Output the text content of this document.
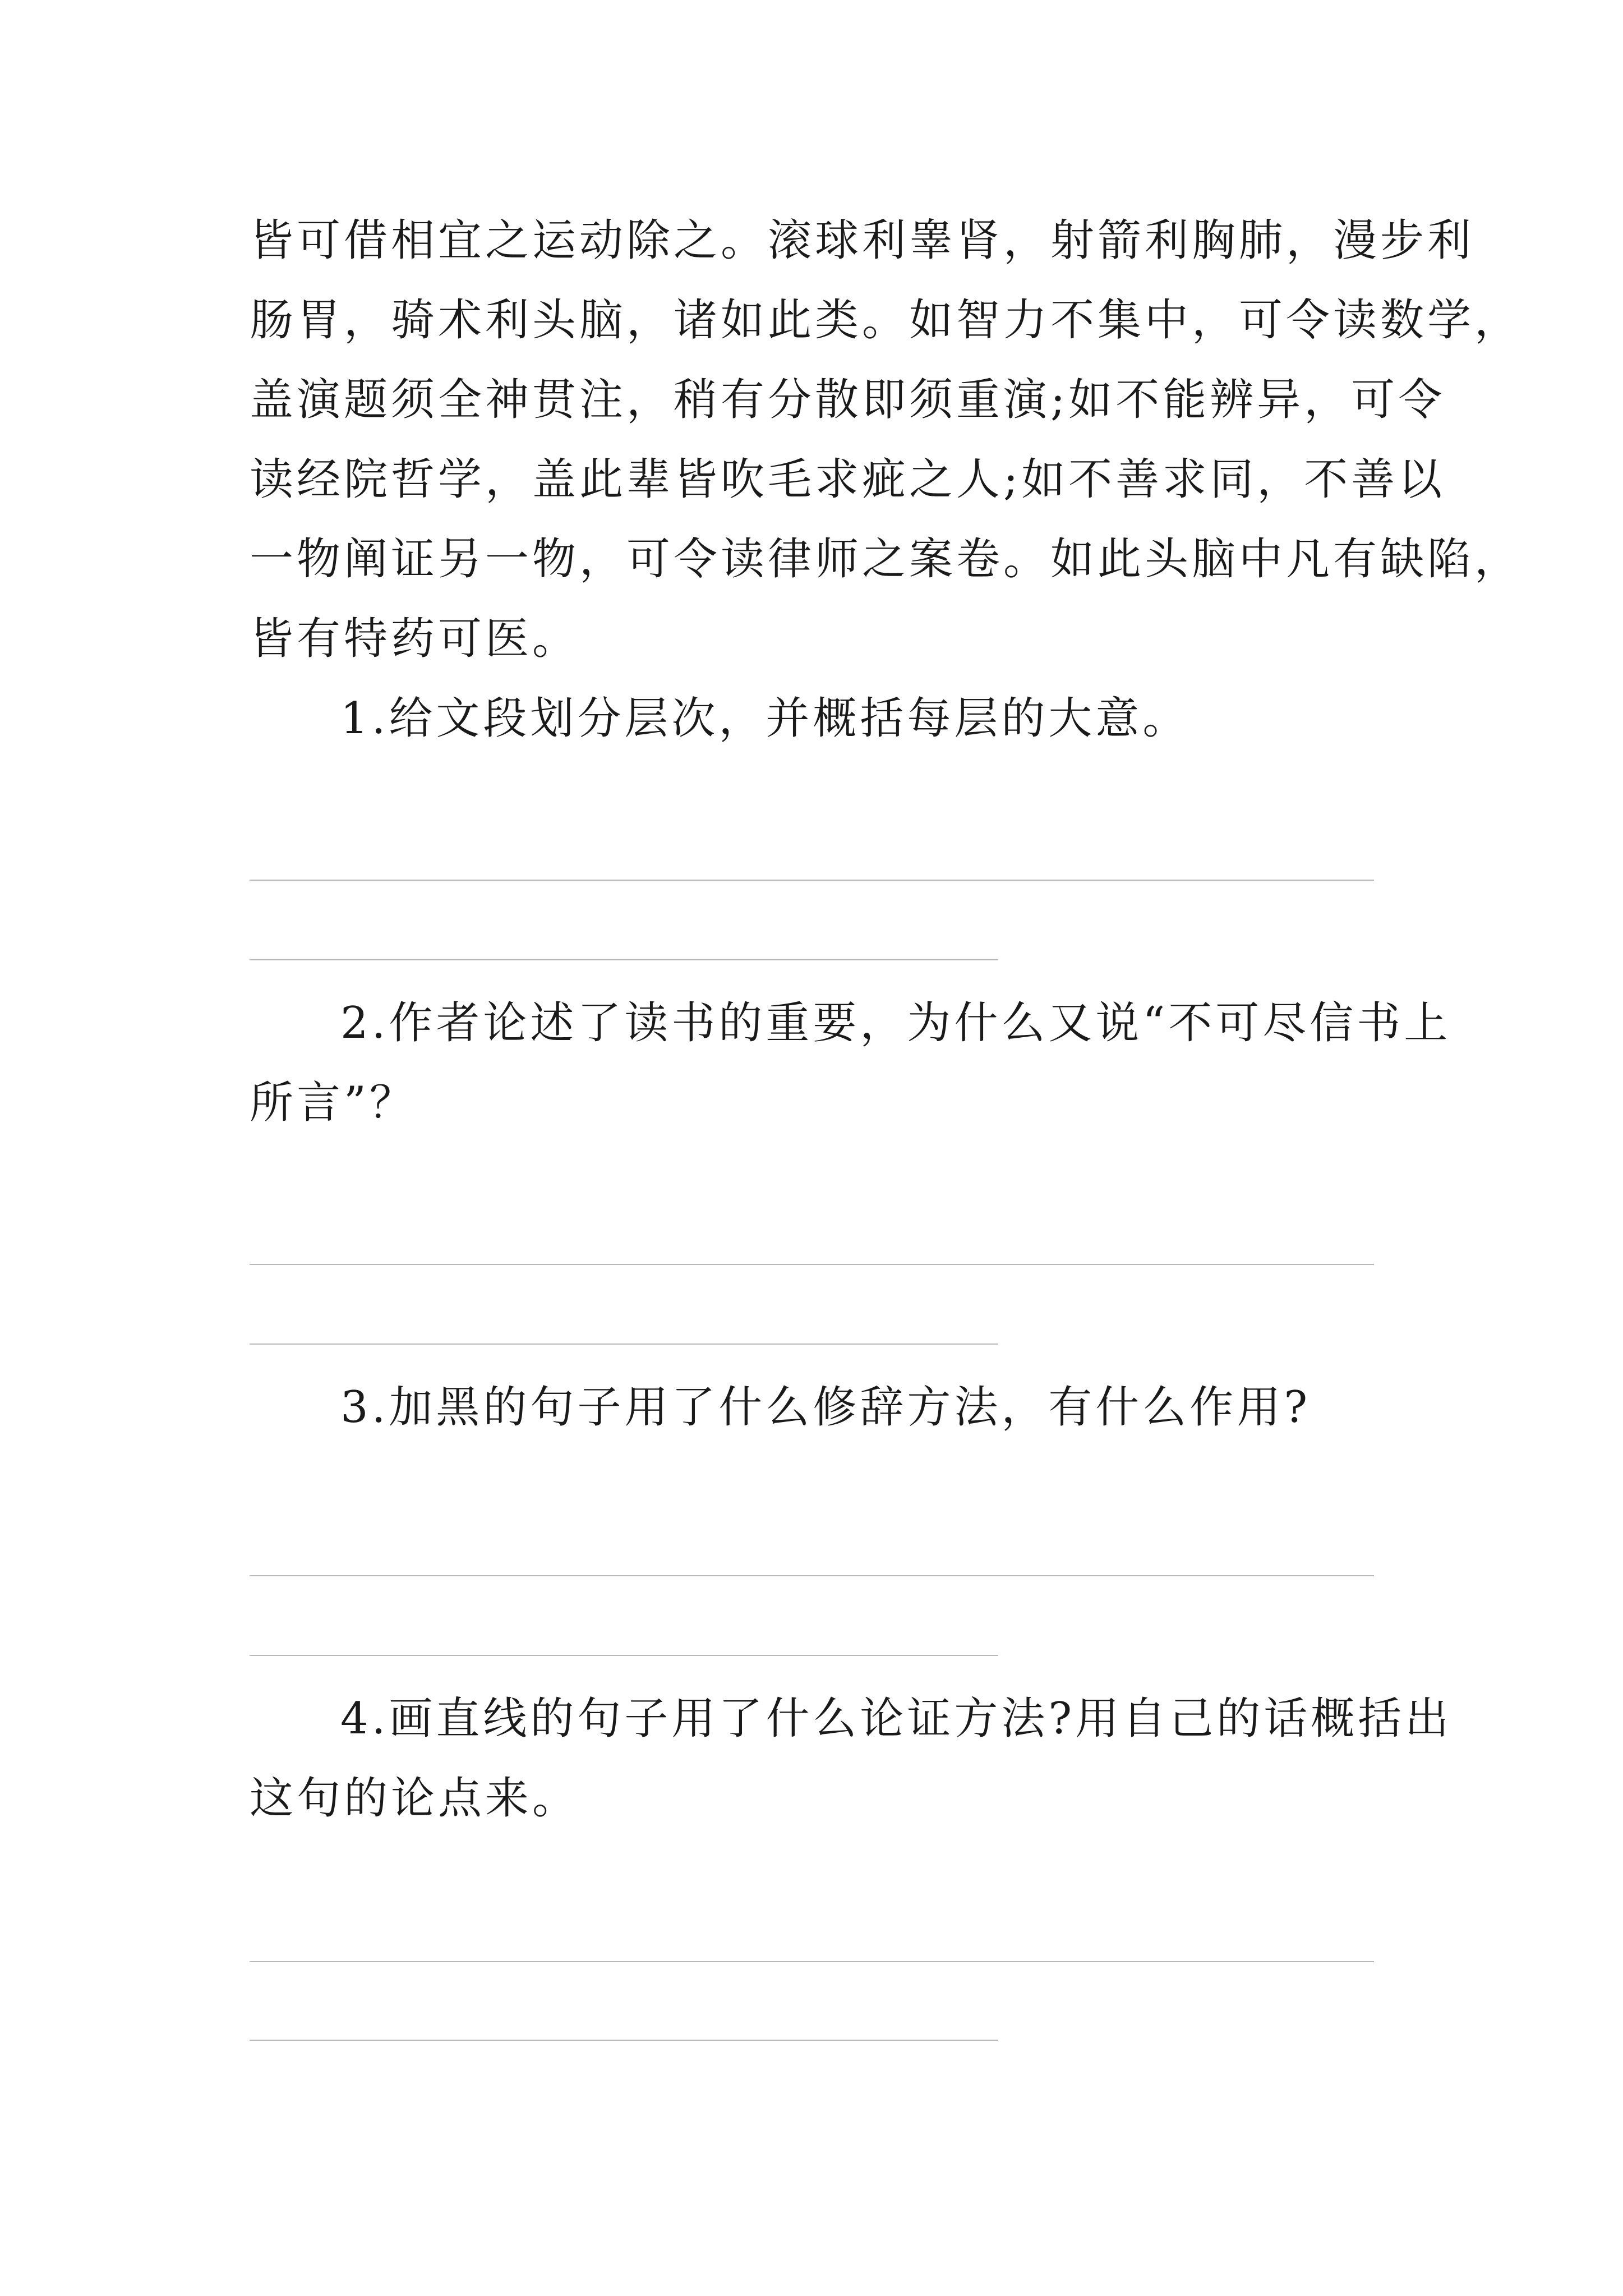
皆可借相宜之运动除之。滚球利睾肾，射箭利胸肺，漫步利
肠胃，骑术利头脑，诸如此类。如智力不集中，可令读数学，
盖演题须全神贯注，稍有分散即须重演;如不能辨异，可令
读经院哲学，盖此辈皆吹毛求疵之人;如不善求同，不善以
一物阐证另一物，可令读律师之案卷。如此头脑中凡有缺陷，
皆有特药可医。
1.给文段划分层次，并概括每层的大意。
2.作者论述了读书的重要，为什么又说“不可尽信书上
所言”？
3.加黑的句子用了什么修辞方法，有什么作用?
4.画直线的句子用了什么论证方法?用自己的话概括出
这句的论点来。
